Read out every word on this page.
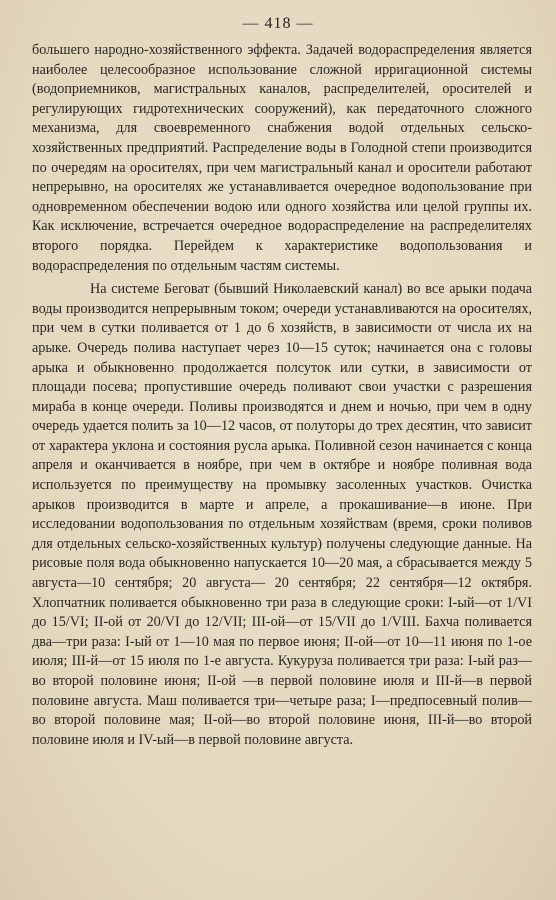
— 418 —

большего народно-хозяйственного эффекта. Задачей водораспределения является наиболее целесообразное использование сложной ирригационной системы (водоприемников, магистральных каналов, распределителей, оросителей и регулирующих гидротехнических сооружений), как передаточного сложного механизма, для своевременного снабжения водой отдельных сельско-хозяйственных предприятий. Распределение воды в Голодной степи производится по очередям на оросителях, при чем магистральный канал и оросители работают непрерывно, на оросителях же устанавливается очередное водопользование при одновременном обеспечении водою или одного хозяйства или целой группы их. Как исключение, встречается очередное водораспределение на распределителях второго порядка. Перейдем к характеристике водопользования и водораспределения по отдельным частям системы.

На системе Беговат (бывший Николаевский канал) во все арыки подача воды производится непрерывным током; очереди устанавливаются на оросителях, при чем в сутки поливается от 1 до 6 хозяйств, в зависимости от числа их на арыке. Очередь полива наступает через 10—15 суток; начинается она с головы арыка и обыкновенно продолжается полсуток или сутки, в зависимости от площади посева; пропустившие очередь поливают свои участки с разрешения мираба в конце очереди. Поливы производятся и днем и ночью, при чем в одну очередь удается полить за 10—12 часов, от полуторы до трех десятин, что зависит от характера уклона и состояния русла арыка. Поливной сезон начинается с конца апреля и оканчивается в ноябре, при чем в октябре и ноябре поливная вода используется по преимуществу на промывку засоленных участков. Очистка арыков производится в марте и апреле, а прокашивание—в июне. При исследовании водопользования по отдельным хозяйствам (время, сроки поливов для отдельных сельско-хозяйственных культур) получены следующие данные. На рисовые поля вода обыкновенно напускается 10—20 мая, а сбрасывается между 5 августа—10 сентября; 20 августа— 20 сентября; 22 сентября—12 октября. Хлопчатник поливается обыкновенно три раза в следующие сроки: I-ый—от 1/VI до 15/VI; II-ой от 20/VI до 12/VII; III-ой—от 15/VII до 1/VIII. Бахча поливается два—три раза: I-ый от 1—10 мая по первое июня; II-ой—от 10—11 июня по 1-ое июля; III-й—от 15 июля по 1-е августа. Кукуруза поливается три раза: I-ый раз—во второй половине июня; II-ой —в первой половине июля и III-й—в первой половине августа. Маш поливается три—четыре раза; I—предпосевный полив—во второй половине мая; II-ой—во второй половине июня, III-й—во второй половине июля и IV-ый—в первой половине августа.
